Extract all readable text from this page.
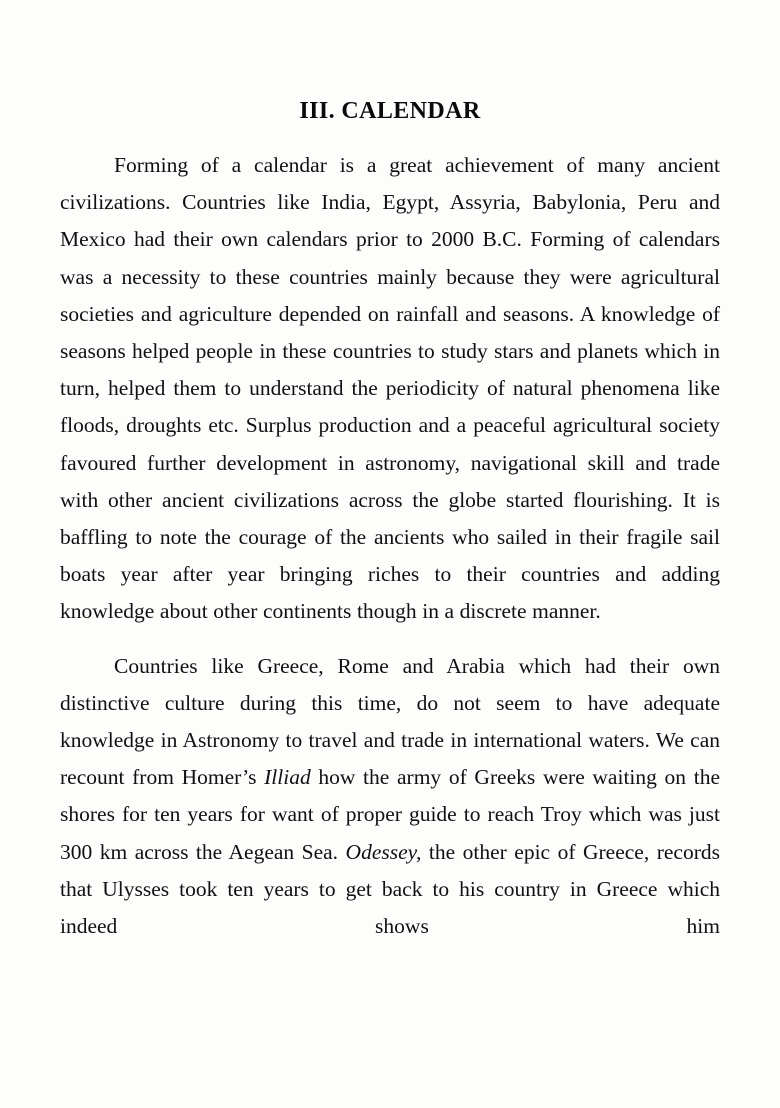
III. CALENDAR

Forming of a calendar is a great achievement of many ancient civilizations. Countries like India, Egypt, Assyria, Babylonia, Peru and Mexico had their own calendars prior to 2000 B.C. Forming of calendars was a necessity to these countries mainly because they were agricultural societies and agriculture depended on rainfall and seasons. A knowledge of seasons helped people in these countries to study stars and planets which in turn, helped them to understand the periodicity of natural phenomena like floods, droughts etc. Surplus production and a peaceful agricultural society favoured further development in astronomy, navigational skill and trade with other ancient civilizations across the globe started flourishing. It is baffling to note the courage of the ancients who sailed in their fragile sail boats year after year bringing riches to their countries and adding knowledge about other continents though in a discrete manner.

Countries like Greece, Rome and Arabia which had their own distinctive culture during this time, do not seem to have adequate knowledge in Astronomy to travel and trade in international waters. We can recount from Homer’s Illiad how the army of Greeks were waiting on the shores for ten years for want of proper guide to reach Troy which was just 300 km across the Aegean Sea. Odessey, the other epic of Greece, records that Ulysses took ten years to get back to his country in Greece which indeed shows him
